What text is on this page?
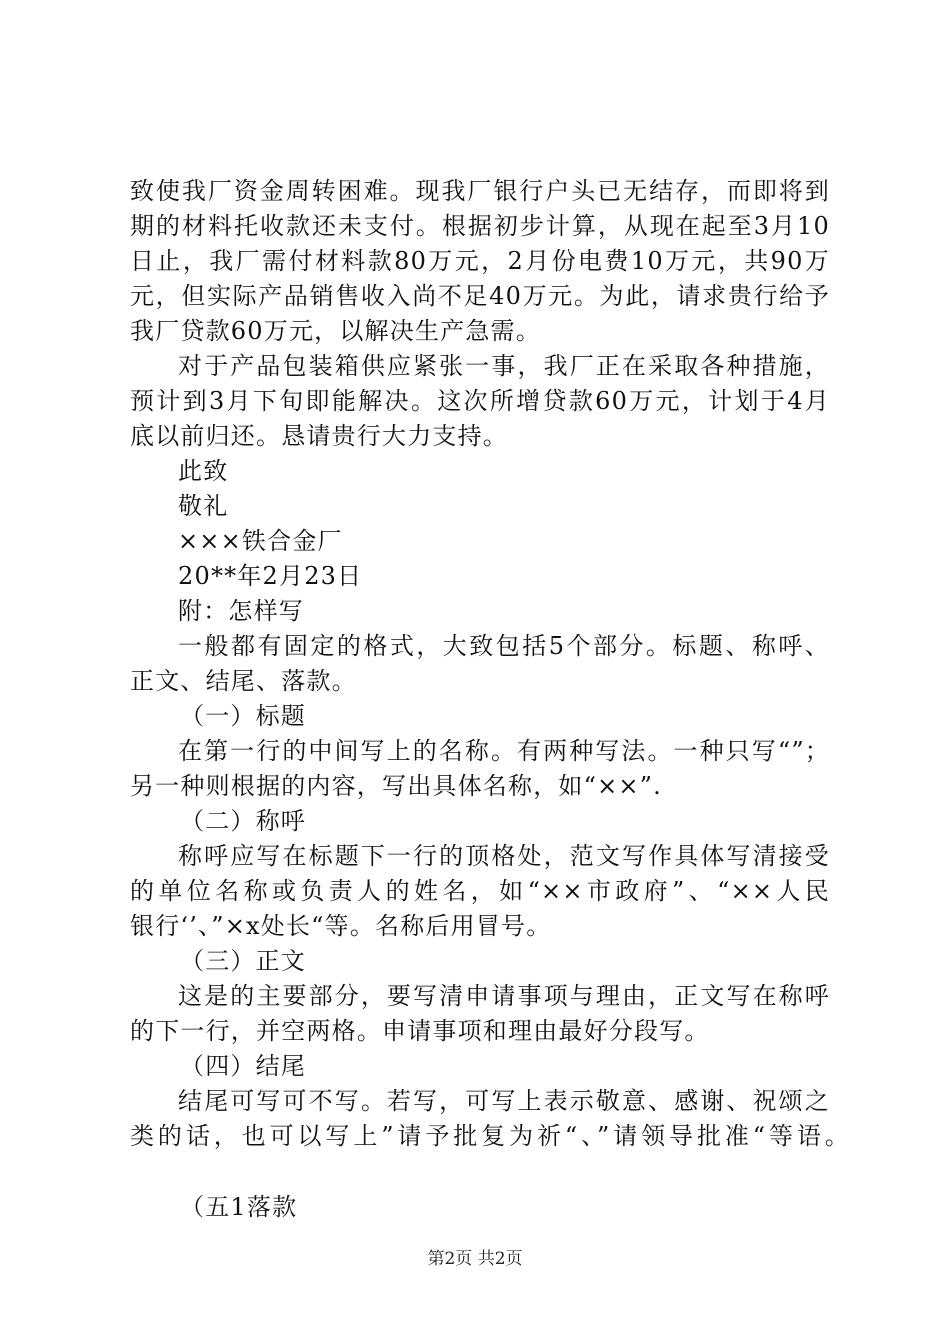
致使我厂资金周转困难。现我厂银行户头已无结存，而即将到
期的材料托收款还未支付。根据初步计算，从现在起至3月10
日止，我厂需付材料款80万元，2月份电费10万元，共90万
元，但实际产品销售收入尚不足40万元。为此，请求贵行给予
我厂贷款60万元，以解决生产急需。
对于产品包装箱供应紧张一事，我厂正在采取各种措施，
预计到3月下旬即能解决。这次所增贷款60万元，计划于4月
底以前归还。恳请贵行大力支持。
此致
敬礼
×××铁合金厂
20**年2月23日
附：怎样写
一般都有固定的格式，大致包括5个部分。标题、称呼、
正文、结尾、落款。
（一）标题
在第一行的中间写上的名称。有两种写法。一种只写“”；
另一种则根据的内容，写出具体名称，如“××”.
（二）称呼
称呼应写在标题下一行的顶格处，范文写作具体写清接受
的单位名称或负责人的姓名，如“××市政府”、“××人民
银行‘’、”×x处长“等。名称后用冒号。
（三）正文
这是的主要部分，要写清申请事项与理由，正文写在称呼
的下一行，并空两格。申请事项和理由最好分段写。
（四）结尾
结尾可写可不写。若写，可写上表示敬意、感谢、祝颂之
类的话，也可以写上”请予批复为祈“、”请领导批准“等语。
（五1落款
第2页 共2页
